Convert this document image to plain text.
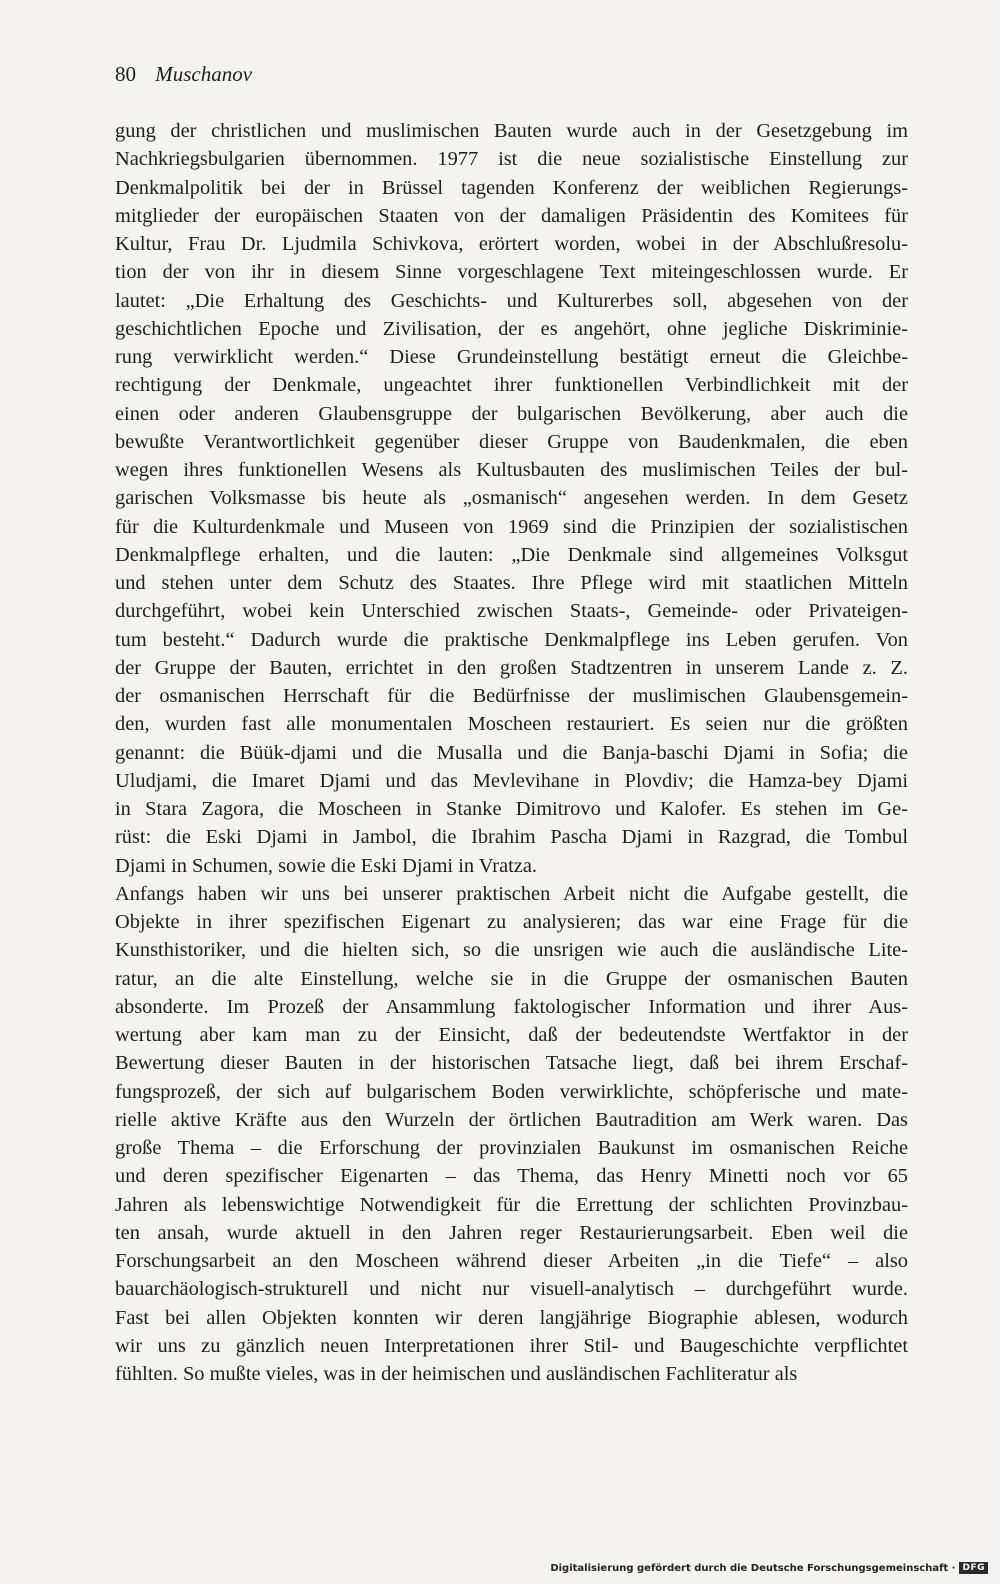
80 Muschanov
gung der christlichen und muslimischen Bauten wurde auch in der Gesetzgebung im
Nachkriegsbulgarien übernommen. 1977 ist die neue sozialistische Einstellung zur
Denkmalpolitik bei der in Brüssel tagenden Konferenz der weiblichen Regierungs-
mitglieder der europäischen Staaten von der damaligen Präsidentin des Komitees für
Kultur, Frau Dr. Ljudmila Schivkova, erörtert worden, wobei in der Abschlußresolu-
tion der von ihr in diesem Sinne vorgeschlagene Text miteingeschlossen wurde. Er
lautet: „Die Erhaltung des Geschichts- und Kulturerbes soll, abgesehen von der
geschichtlichen Epoche und Zivilisation, der es angehört, ohne jegliche Diskriminie-
rung verwirklicht werden.“ Diese Grundeinstellung bestätigt erneut die Gleichbe-
rechtigung der Denkmale, ungeachtet ihrer funktionellen Verbindlichkeit mit der
einen oder anderen Glaubensgruppe der bulgarischen Bevölkerung, aber auch die
bewußte Verantwortlichkeit gegenüber dieser Gruppe von Baudenkmalen, die eben
wegen ihres funktionellen Wesens als Kultusbauten des muslimischen Teiles der bul-
garischen Volksmasse bis heute als „osmanisch“ angesehen werden. In dem Gesetz
für die Kulturdenkmale und Museen von 1969 sind die Prinzipien der sozialistischen
Denkmalpflege erhalten, und die lauten: „Die Denkmale sind allgemeines Volksgut
und stehen unter dem Schutz des Staates. Ihre Pflege wird mit staatlichen Mitteln
durchgeführt, wobei kein Unterschied zwischen Staats-, Gemeinde- oder Privateigen-
tum besteht.“ Dadurch wurde die praktische Denkmalpflege ins Leben gerufen. Von
der Gruppe der Bauten, errichtet in den großen Stadtzentren in unserem Lande z. Z.
der osmanischen Herrschaft für die Bedürfnisse der muslimischen Glaubensgemein-
den, wurden fast alle monumentalen Moscheen restauriert. Es seien nur die größten
genannt: die Büük-djami und die Musalla und die Banja-baschi Djami in Sofia; die
Uludjami, die Imaret Djami und das Mevlevihane in Plovdiv; die Hamza-bey Djami
in Stara Zagora, die Moscheen in Stanke Dimitrovo und Kalofer. Es stehen im Ge-
rüst: die Eski Djami in Jambol, die Ibrahim Pascha Djami in Razgrad, die Tombul
Djami in Schumen, sowie die Eski Djami in Vratza.
Anfangs haben wir uns bei unserer praktischen Arbeit nicht die Aufgabe gestellt, die
Objekte in ihrer spezifischen Eigenart zu analysieren; das war eine Frage für die
Kunsthistoriker, und die hielten sich, so die unsrigen wie auch die ausländische Lite-
ratur, an die alte Einstellung, welche sie in die Gruppe der osmanischen Bauten
absonderte. Im Prozeß der Ansammlung faktologischer Information und ihrer Aus-
wertung aber kam man zu der Einsicht, daß der bedeutendste Wertfaktor in der
Bewertung dieser Bauten in der historischen Tatsache liegt, daß bei ihrem Erschaf-
fungsprozeß, der sich auf bulgarischem Boden verwirklichte, schöpferische und mate-
rielle aktive Kräfte aus den Wurzeln der örtlichen Bautradition am Werk waren. Das
große Thema – die Erforschung der provinzialen Baukunst im osmanischen Reiche
und deren spezifischer Eigenarten – das Thema, das Henry Minetti noch vor 65
Jahren als lebenswichtige Notwendigkeit für die Errettung der schlichten Provinzbau-
ten ansah, wurde aktuell in den Jahren reger Restaurierungsarbeit. Eben weil die
Forschungsarbeit an den Moscheen während dieser Arbeiten „in die Tiefe“ – also
bauarchäologisch-strukturell und nicht nur visuell-analytisch – durchgeführt wurde.
Fast bei allen Objekten konnten wir deren langjährige Biographie ablesen, wodurch
wir uns zu gänzlich neuen Interpretationen ihrer Stil- und Baugeschichte verpflichtet
fühlten. So mußte vieles, was in der heimischen und ausländischen Fachliteratur als
Digitalisierung gefördert durch die Deutsche Forschungsgemeinschaft · DFG
